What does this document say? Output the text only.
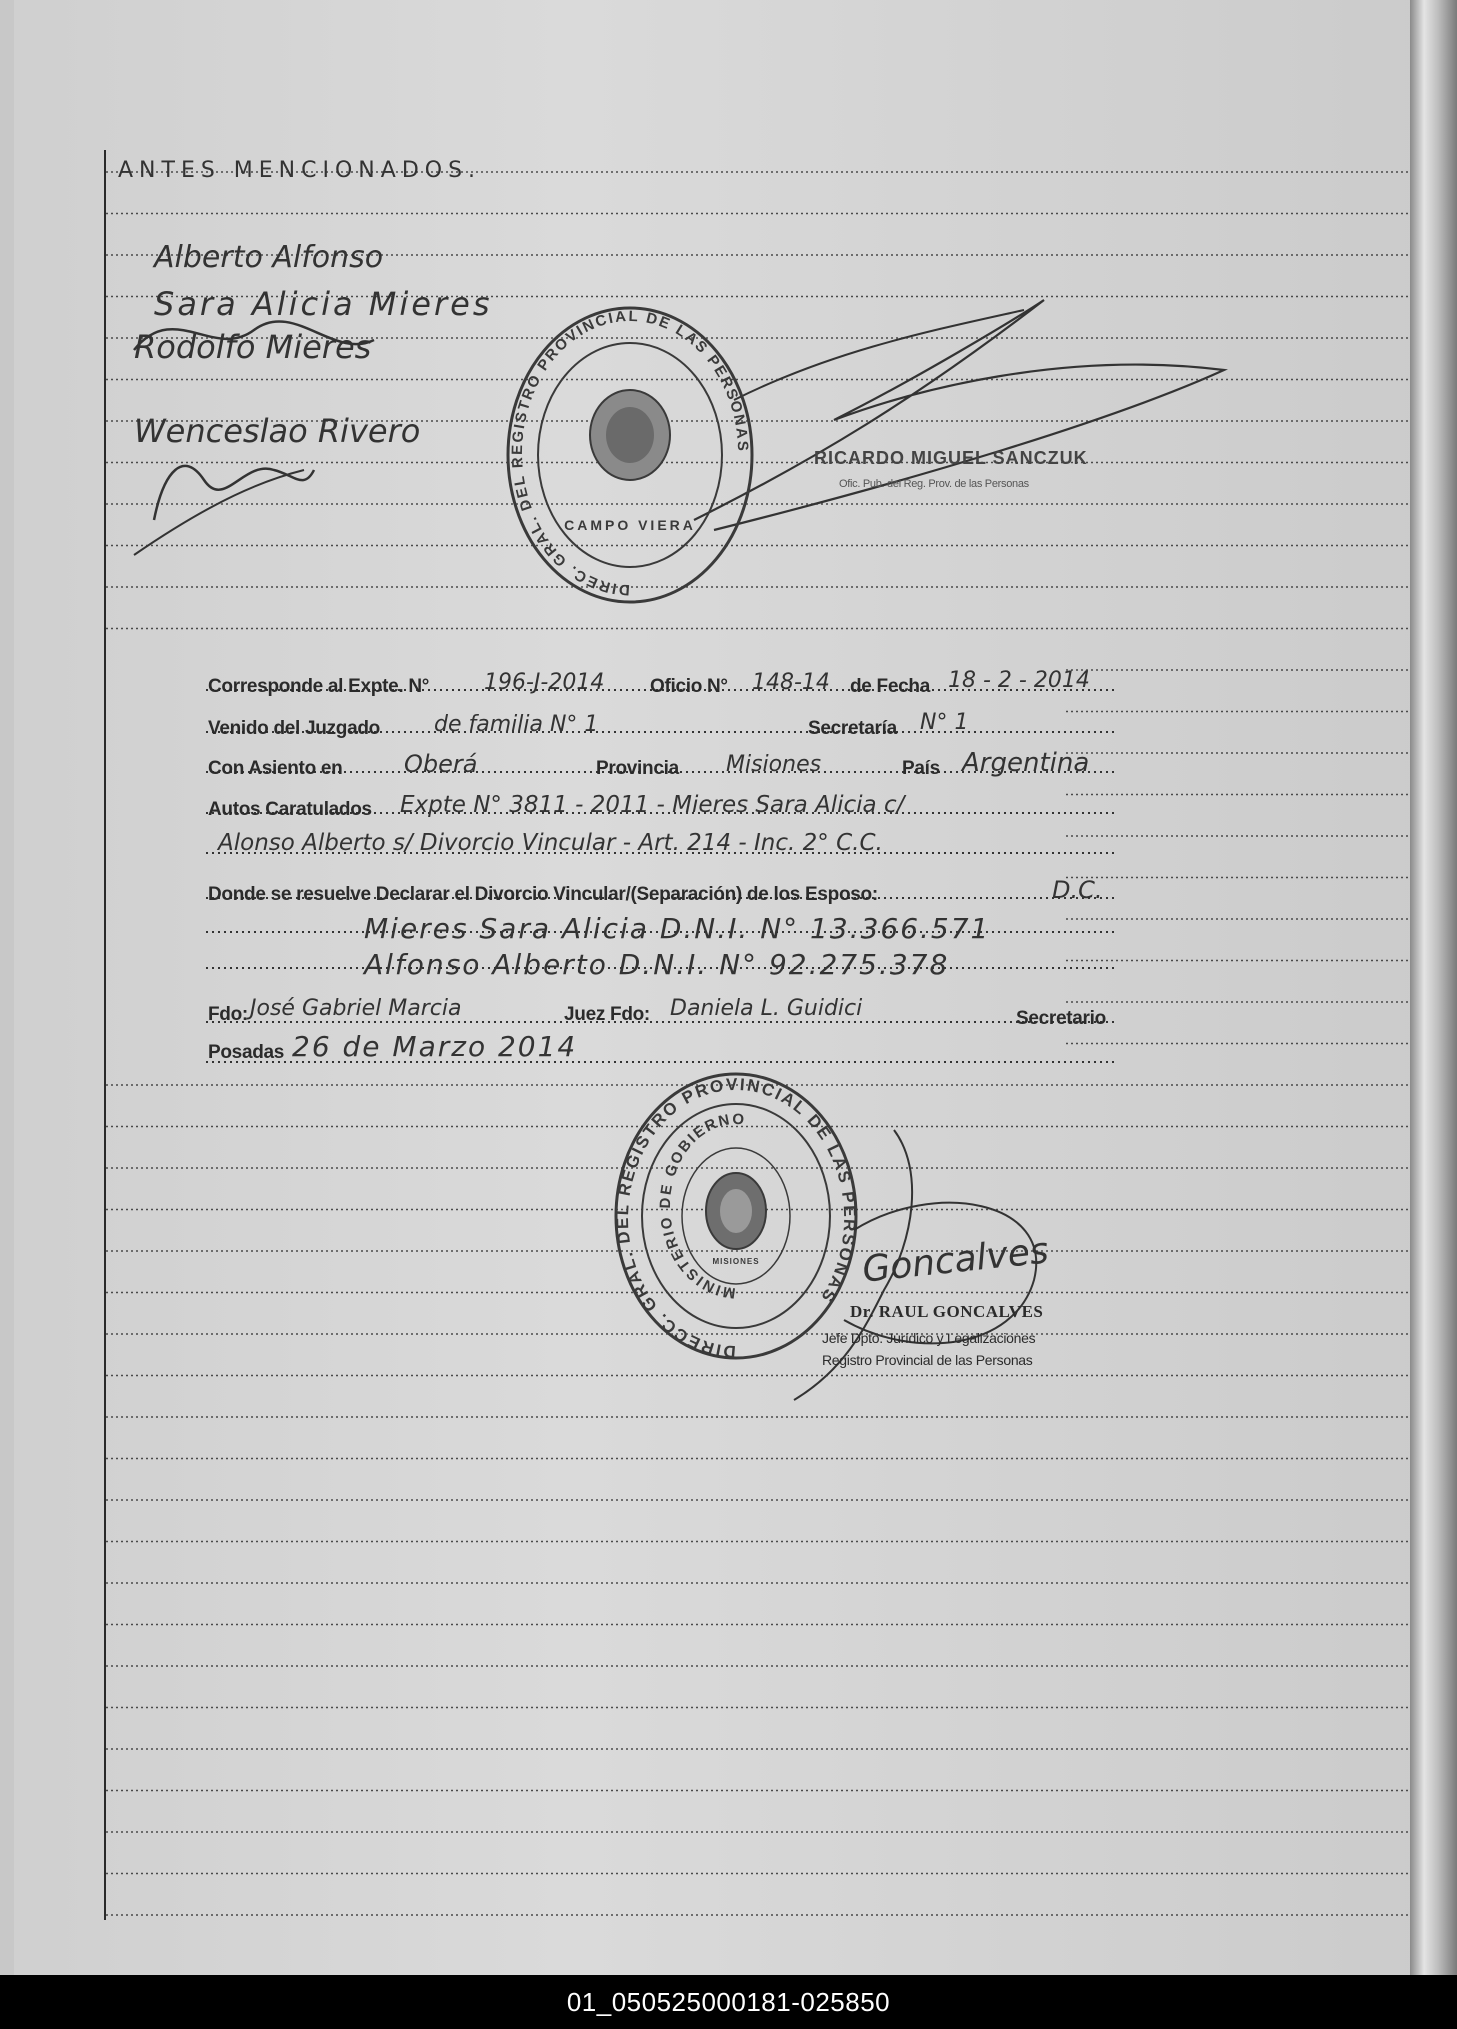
ANTES MENCIONADOS.
Alberto Alfonso
Sara Alicia Mieres
Rodolfo Mieres
Wenceslao Rivero
DIREC. GRAL. DEL REGISTRO PROVINCIAL DE LAS PERSONAS
CAMPO VIERA
RICARDO MIGUEL SANCZUK
Ofic. Pub. del Reg. Prov. de las Personas
Corresponde al Expte. N° 196-J-2014 Oficio N° 148-14 de Fecha 18 - 2 - 2014
Venido del Juzgado de familia N° 1	Secretaría N° 1
Con Asiento en	Oberá	Provincia Misiones	País Argentina
Autos Caratulados Expte N° 3811 - 2011 - Mieres Sara Alicia c/
Alonso Alberto s/ Divorcio Vincular - Art. 214 - Inc. 2° C.C.
Donde se resuelve Declarar el Divorcio Vincular/(Separación) de los Esposo:	D.C.
Mieres Sara Alicia D.N.I. N° 13.366.571
Alfonso Alberto D.N.I. N° 92.275.378
Fdo: José Gabriel Marcia	Juez Fdo: Daniela L. Guidici	Secretario
Posadas 26 de Marzo 2014
DIRECC. GRAL. DEL REGISTRO PROVINCIAL DE LAS PERSONAS
MINISTERIO DE GOBIERNO
MISIONES	Goncalves
Dr. RAUL GONCALVES
Jefe Dpto. Jurídico y Legalizaciones
Registro Provincial de las Personas
01_050525000181-025850
